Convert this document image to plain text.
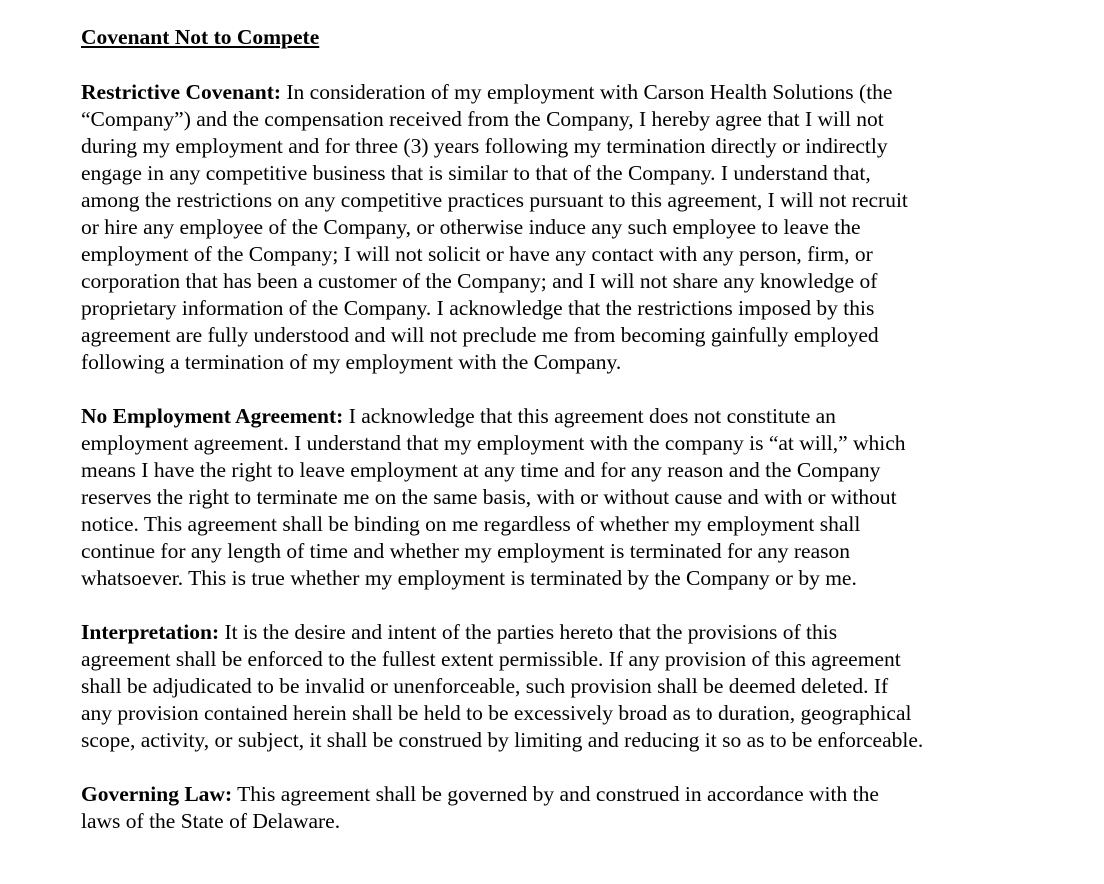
Covenant Not to Compete

Restrictive Covenant: In consideration of my employment with Carson Health Solutions (the
“Company”) and the compensation received from the Company, I hereby agree that I will not
during my employment and for three (3) years following my termination directly or indirectly
engage in any competitive business that is similar to that of the Company. I understand that,
among the restrictions on any competitive practices pursuant to this agreement, I will not recruit
or hire any employee of the Company, or otherwise induce any such employee to leave the
employment of the Company; I will not solicit or have any contact with any person, firm, or
corporation that has been a customer of the Company; and I will not share any knowledge of
proprietary information of the Company. I acknowledge that the restrictions imposed by this
agreement are fully understood and will not preclude me from becoming gainfully employed
following a termination of my employment with the Company.

No Employment Agreement: I acknowledge that this agreement does not constitute an
employment agreement. I understand that my employment with the company is “at will,” which
means I have the right to leave employment at any time and for any reason and the Company
reserves the right to terminate me on the same basis, with or without cause and with or without
notice. This agreement shall be binding on me regardless of whether my employment shall
continue for any length of time and whether my employment is terminated for any reason
whatsoever. This is true whether my employment is terminated by the Company or by me.

Interpretation: It is the desire and intent of the parties hereto that the provisions of this
agreement shall be enforced to the fullest extent permissible. If any provision of this agreement
shall be adjudicated to be invalid or unenforceable, such provision shall be deemed deleted. If
any provision contained herein shall be held to be excessively broad as to duration, geographical
scope, activity, or subject, it shall be construed by limiting and reducing it so as to be enforceable.

Governing Law: This agreement shall be governed by and construed in accordance with the
laws of the State of Delaware.
